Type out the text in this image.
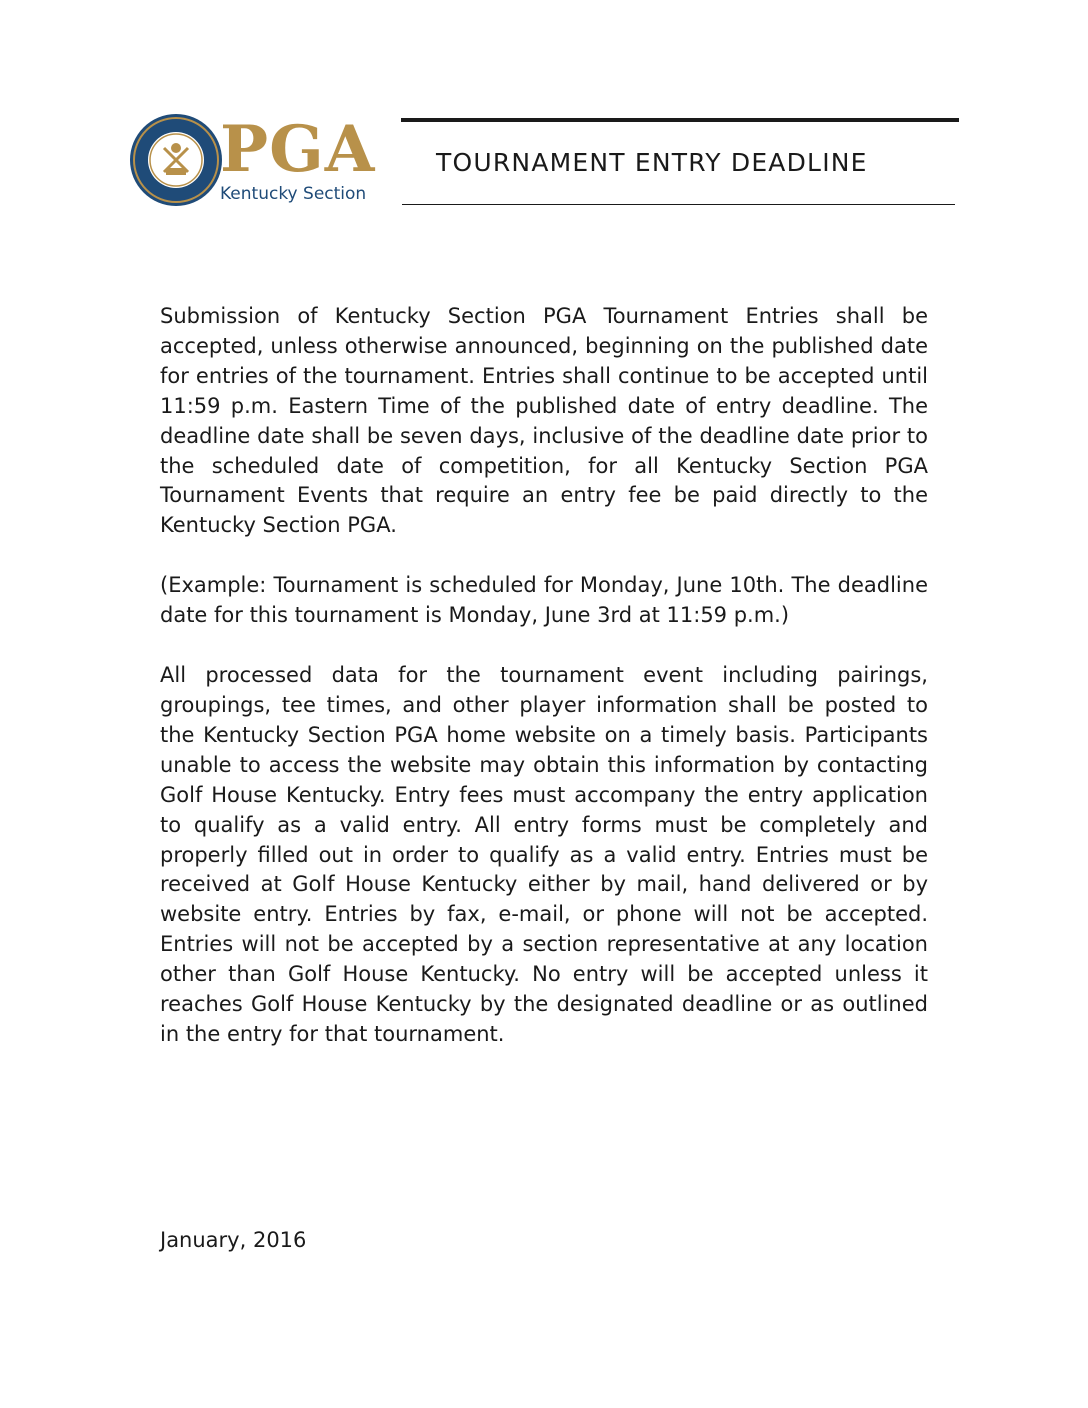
PGA
Kentucky Section
TOURNAMENT ENTRY DEADLINE

Submission of Kentucky Section PGA Tournament Entries shall be accepted, unless otherwise announced, beginning on the published date for entries of the tournament. Entries shall continue to be accepted until 11:59 p.m. Eastern Time of the published date of entry deadline. The deadline date shall be seven days, inclusive of the deadline date prior to the scheduled date of competition, for all Kentucky Section PGA Tournament Events that require an entry fee be paid directly to the Kentucky Section PGA.

(Example: Tournament is scheduled for Monday, June 10th. The deadline date for this tournament is Monday, June 3rd at 11:59 p.m.)

All processed data for the tournament event including pairings, groupings, tee times, and other player information shall be posted to the Kentucky Section PGA home website on a timely basis. Participants unable to access the website may obtain this information by contacting Golf House Kentucky. Entry fees must accompany the entry application to qualify as a valid entry. All entry forms must be completely and properly filled out in order to qualify as a valid entry. Entries must be received at Golf House Kentucky either by mail, hand delivered or by website entry. Entries by fax, e-mail, or phone will not be accepted. Entries will not be accepted by a section representative at any location other than Golf House Kentucky. No entry will be accepted unless it reaches Golf House Kentucky by the designated deadline or as outlined in the entry for that tournament.

January, 2016
